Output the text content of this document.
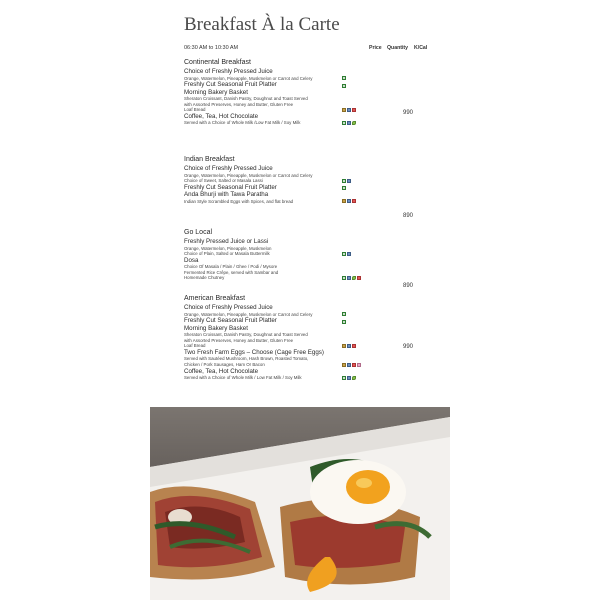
Breakfast À la Carte
06:30 AM to 10:30 AM	Price Quantity K/Cal
Continental Breakfast
Choice of Freshly Pressed Juice
Orange, Watermelon, Pineapple, Muskmelon or Carrot and Celery
Freshly Cut Seasonal Fruit Platter
Morning Bakery Basket
Sheraton Croissant, Danish Pastry, Doughnut and Toast Served
with Assorted Preserves, Honey and Butter, Gluten Free
Loaf Bread
Coffee, Tea, Hot Chocolate
Served with a Choice of Whole Milk /Low Fat Milk / Soy Milk
990
Indian Breakfast
Choice of Freshly Pressed Juice
Orange, Watermelon, Pineapple, Muskmelon or Carrot and Celery
Choice of Sweet, Salted or Masala Lassi
Freshly Cut Seasonal Fruit Platter
Anda Bhurji with Tawa Paratha
Indian Style Scrambled Eggs with Spices, and flat bread
890
Go Local
Freshly Pressed Juice or Lassi
Orange, Watermelon, Pineapple, Muskmelon
Choice of Plain, Salted or Masala Buttermilk
Dosa
Choice Of Masala / Plain / Ghee / Podi / Mysore
Fermented Rice Crêpe, served with Sambar and
Homemade Chutney
890
American Breakfast
Choice of Freshly Pressed Juice
Orange, Watermelon, Pineapple, Muskmelon or Carrot and Celery
Freshly Cut Seasonal Fruit Platter
Morning Bakery Basket
Sheraton Croissant, Danish Pastry, Doughnut and Toast Served
with Assorted Preserves, Honey and Butter, Gluten Free
Loaf Bread
Two Fresh Farm Eggs – Choose (Cage Free Eggs)
Served with Sautéed Mushroom, Hash Brown, Roasted Tomato,
Chicken / Pork Sausages, Ham Or Bacon
Coffee, Tea, Hot Chocolate
Served with a Choice of Whole Milk / Low Fat Milk / Soy Milk
990
